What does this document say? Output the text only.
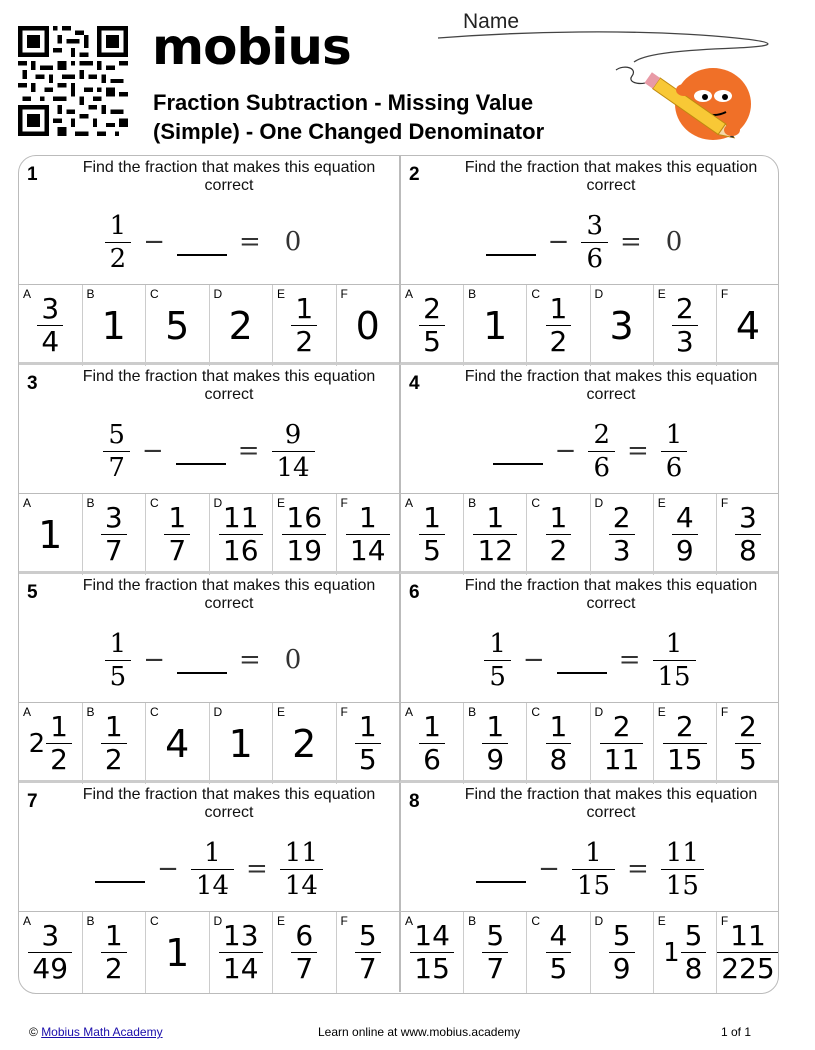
mobius
Fraction Subtraction - Missing Value
(Simple) - One Changed Denominator
Name
1	Find the fraction that makes this equation correct
$\frac{1}{2}$ −	= 0
A
$\frac{3}{4}$
B
1
C
5
D
2
E
$\frac{1}{2}$
F
0
2	Find the fraction that makes this equation correct
− $\frac{3}{6} = 0$
A
$\frac{2}{5}$
B
1
C
$\frac{1}{2}$
D
3
E
$\frac{2}{3}$
F
4
3	Find the fraction that makes this equation correct
$\frac{5}{7}$ −	= $\frac{9}{14}$
A
1
B
$\frac{3}{7}$
C
$\frac{1}{7}$
D
$\frac{11}{16}$
E
$\frac{16}{19}$
F
$\frac{1}{14}$
4	Find the fraction that makes this equation correct
− $\frac{2}{6} = \frac{1}{6}$
A
$\frac{1}{5}$
B
$\frac{1}{12}$
C
$\frac{1}{2}$
D
$\frac{2}{3}$
E
$\frac{4}{9}$
F
$\frac{3}{8}$
5	Find the fraction that makes this equation correct
$\frac{1}{5}$ −	= 0
A
$2 \frac{1}{2}$
B
$\frac{1}{2}$
C
4
D
1
E
2
F
$\frac{1}{5}$
6	Find the fraction that makes this equation correct
$\frac{1}{5}$ −	= $\frac{1}{15}$
A
$\frac{1}{6}$
B
$\frac{1}{9}$
C
$\frac{1}{8}$
D
$\frac{2}{11}$
E
$\frac{2}{15}$
F
$\frac{2}{5}$
7	Find the fraction that makes this equation correct
− $\frac{1}{14} = \frac{11}{14}$
A
$\frac{3}{49}$
B
$\frac{1}{2}$
C
1
D
$\frac{13}{14}$
E
$\frac{6}{7}$
F
$\frac{5}{7}$
8	Find the fraction that makes this equation correct
− $\frac{1}{15} = \frac{11}{15}$
A
$\frac{14}{15}$
B
$\frac{5}{7}$
C
$\frac{4}{5}$
D
$\frac{5}{9}$
E
$1 \frac{5}{8}$
F
$\frac{11}{225}$
© Mobius Math Academy	Learn online at www.mobius.academy	1 of 1
